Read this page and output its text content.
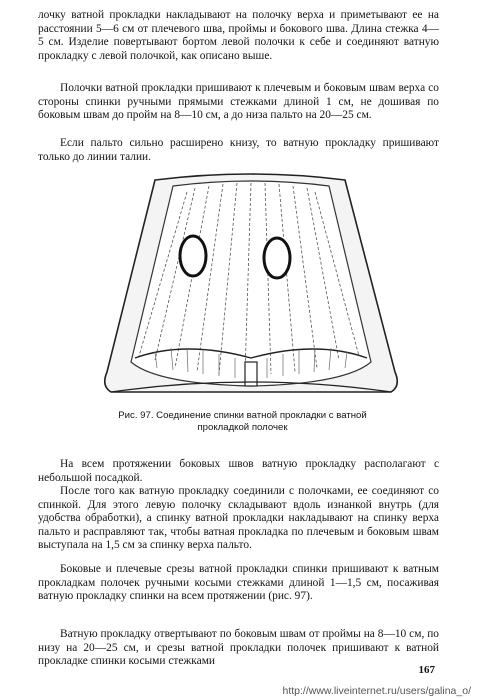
лочку ватной прокладки накладывают на полочку верха и приметывают ее на расстоянии 5—6 см от плечевого шва, проймы и бокового шва. Длина стежка 4—5 см. Изделие повертывают бортом левой полочки к себе и соединяют ватную прокладку с левой полочкой, как описано выше.

Полочки ватной прокладки пришивают к плечевым и боковым швам верха со стороны спинки ручными прямыми стежками длиной 1 см, не дошивая по боковым швам до пройм на 8—10 см, а до низа пальто на 20—25 см.

Если пальто сильно расширено книзу, то ватную прокладку пришивают только до линии талии.

Рис. 97. Соединение спинки ватной прокладки с ватной
прокладкой полочек

На всем протяжении боковых швов ватную прокладку располагают с небольшой посадкой.

После того как ватную прокладку соединили с полочками, ее соединяют со спинкой. Для этого левую полочку складывают вдоль изнанкой внутрь (для удобства обработки), а спинку ватной прокладки накладывают на спинку верха пальто и расправляют так, чтобы ватная прокладка по плечевым и боковым швам выступала на 1,5 см за спинку верха пальто.

Боковые и плечевые срезы ватной прокладки спинки пришивают к ватным прокладкам полочек ручными косыми стежками длиной 1—1,5 см, посаживая ватную прокладку спинки на всем протяжении (рис. 97).

Ватную прокладку отвертывают по боковым швам от проймы на 8—10 см, по низу на 20—25 см, и срезы ватной прокладки полочек пришивают к ватной прокладке спинки косыми стежками

167
http://www.liveinternet.ru/users/galina_o/
